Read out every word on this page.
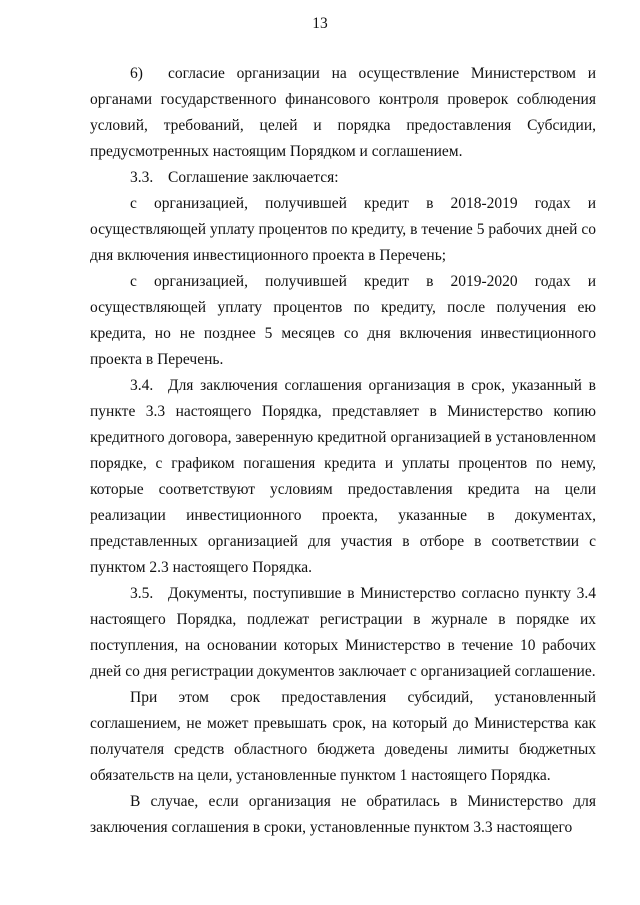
13

6) согласие организации на осуществление Министерством и органами государственного финансового контроля проверок соблюдения условий, требований, целей и порядка предоставления Субсидии, предусмотренных настоящим Порядком и соглашением.

3.3. Соглашение заключается:

с организацией, получившей кредит в 2018-2019 годах и осуществляющей уплату процентов по кредиту, в течение 5 рабочих дней со дня включения инвестиционного проекта в Перечень;

с организацией, получившей кредит в 2019-2020 годах и осуществляющей уплату процентов по кредиту, после получения ею кредита, но не позднее 5 месяцев со дня включения инвестиционного проекта в Перечень.

3.4. Для заключения соглашения организация в срок, указанный в пункте 3.3 настоящего Порядка, представляет в Министерство копию кредитного договора, заверенную кредитной организацией в установленном порядке, с графиком погашения кредита и уплаты процентов по нему, которые соответствуют условиям предоставления кредита на цели реализации инвестиционного проекта, указанные в документах, представленных организацией для участия в отборе в соответствии с пунктом 2.3 настоящего Порядка.

3.5. Документы, поступившие в Министерство согласно пункту 3.4 настоящего Порядка, подлежат регистрации в журнале в порядке их поступления, на основании которых Министерство в течение 10 рабочих дней со дня регистрации документов заключает с организацией соглашение.

При этом срок предоставления субсидий, установленный соглашением, не может превышать срок, на который до Министерства как получателя средств областного бюджета доведены лимиты бюджетных обязательств на цели, установленные пунктом 1 настоящего Порядка.

В случае, если организация не обратилась в Министерство для заключения соглашения в сроки, установленные пунктом 3.3 настоящего
